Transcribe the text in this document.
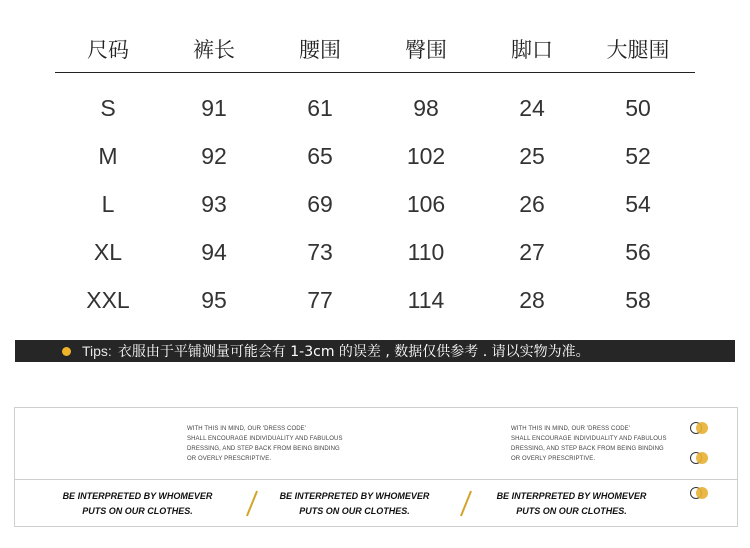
尺码	裤长	腰围	臀围	脚口	大腿围
S	91	61	98	24	50
M	92	65	102	25	52
L	93	69	106	26	54
XL	94	73	110	27	56
XXL	95	77	114	28	58
Tips: 衣服由于平铺测量可能会有 1-3cm 的误差 , 数据仅供参考 . 请以实物为准。
WITH THIS IN MIND, OUR 'DRESS CODE'
SHALL ENCOURAGE INDIVIDUALITY AND FABULOUS
DRESSING, AND STEP BACK FROM BEING BINDING
OR OVERLY PRESCRIPTIVE.
WITH THIS IN MIND, OUR 'DRESS CODE'
SHALL ENCOURAGE INDIVIDUALITY AND FABULOUS
DRESSING, AND STEP BACK FROM BEING BINDING
OR OVERLY PRESCRIPTIVE.
BE INTERPRETED BY WHOMEVER
PUTS ON OUR CLOTHES.
BE INTERPRETED BY WHOMEVER
PUTS ON OUR CLOTHES.
BE INTERPRETED BY WHOMEVER
PUTS ON OUR CLOTHES.
